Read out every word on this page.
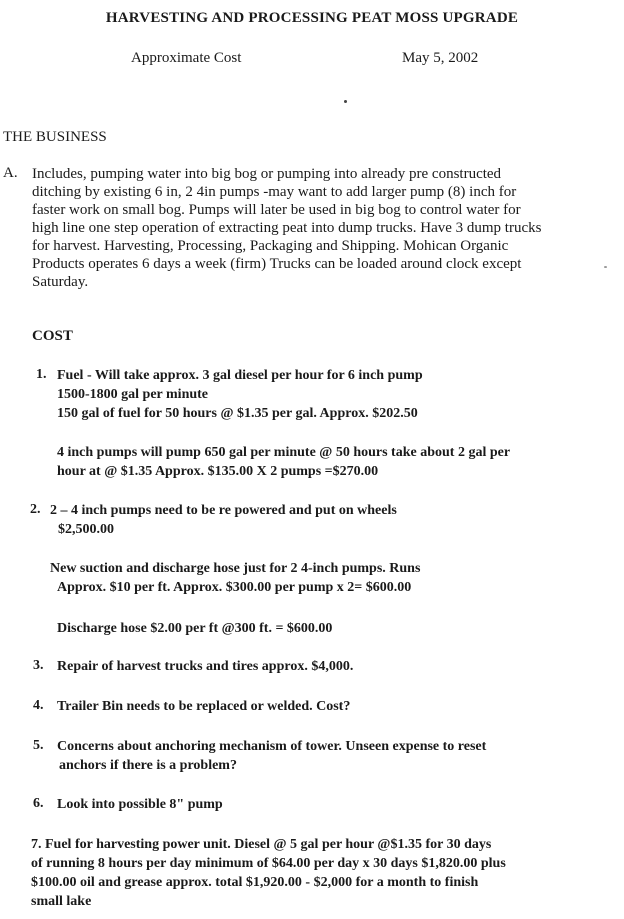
HARVESTING AND PROCESSING PEAT MOSS UPGRADE
Approximate Cost	May 5, 2002
THE BUSINESS
A. Includes, pumping water into big bog or pumping into already pre constructed
ditching by existing 6 in, 2 4in pumps -may want to add larger pump (8) inch for
faster work on small bog. Pumps will later be used in big bog to control water for
high line one step operation of extracting peat into dump trucks. Have 3 dump trucks
for harvest. Harvesting, Processing, Packaging and Shipping. Mohican Organic
Products operates 6 days a week (firm) Trucks can be loaded around clock except
Saturday.
COST
1. Fuel - Will take approx. 3 gal diesel per hour for 6 inch pump
1500-1800 gal per minute
150 gal of fuel for 50 hours @ $1.35 per gal. Approx. $202.50
4 inch pumps will pump 650 gal per minute @ 50 hours take about 2 gal per
hour at @ $1.35 Approx. $135.00 X 2 pumps =$270.00
2. 2 – 4 inch pumps need to be re powered and put on wheels
$2,500.00
New suction and discharge hose just for 2 4-inch pumps. Runs
Approx. $10 per ft. Approx. $300.00 per pump x 2= $600.00
Discharge hose $2.00 per ft @300 ft. = $600.00
3. Repair of harvest trucks and tires approx. $4,000.
4. Trailer Bin needs to be replaced or welded. Cost?
5. Concerns about anchoring mechanism of tower. Unseen expense to reset
anchors if there is a problem?
6. Look into possible 8" pump
7. Fuel for harvesting power unit. Diesel @ 5 gal per hour @$1.35 for 30 days
of running 8 hours per day minimum of $64.00 per day x 30 days $1,820.00 plus
$100.00 oil and grease approx. total $1,920.00 - $2,000 for a month to finish
small lake
